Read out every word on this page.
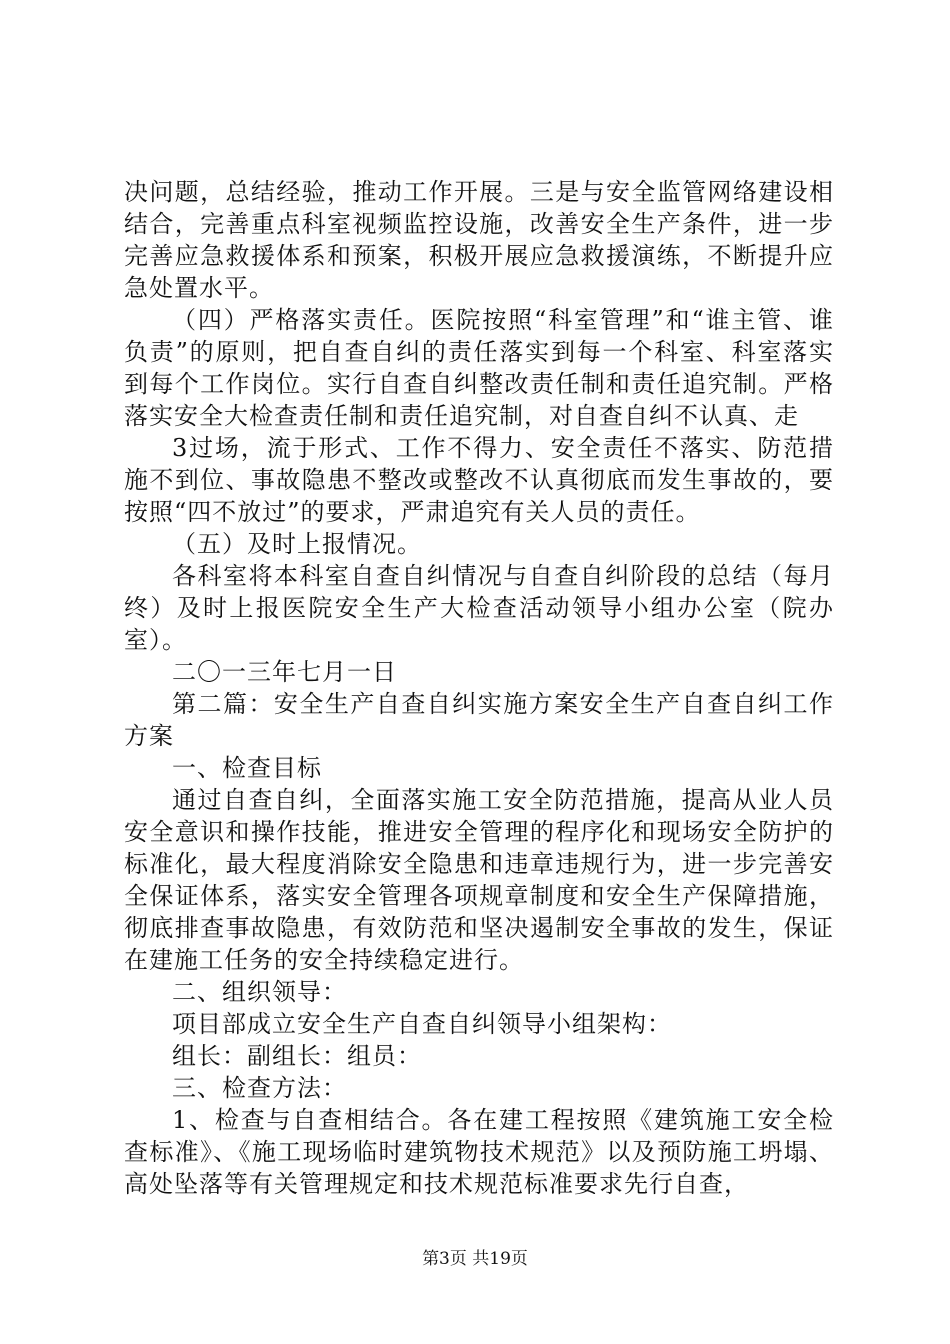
决问题，总结经验，推动工作开展。三是与安全监管网络建设相结合，完善重点科室视频监控设施，改善安全生产条件，进一步完善应急救援体系和预案，积极开展应急救援演练，不断提升应急处置水平。

（四）严格落实责任。医院按照“科室管理”和“谁主管、谁负责”的原则，把自查自纠的责任落实到每一个科室、科室落实到每个工作岗位。实行自查自纠整改责任制和责任追究制。严格落实安全大检查责任制和责任追究制，对自查自纠不认真、走

3过场，流于形式、工作不得力、安全责任不落实、防范措施不到位、事故隐患不整改或整改不认真彻底而发生事故的，要按照“四不放过”的要求，严肃追究有关人员的责任。

（五）及时上报情况。

各科室将本科室自查自纠情况与自查自纠阶段的总结（每月终）及时上报医院安全生产大检查活动领导小组办公室（院办室）。

二〇一三年七月一日

第二篇：安全生产自查自纠实施方案安全生产自查自纠工作方案

一、检查目标

通过自查自纠，全面落实施工安全防范措施，提高从业人员安全意识和操作技能，推进安全管理的程序化和现场安全防护的标准化，最大程度消除安全隐患和违章违规行为，进一步完善安全保证体系，落实安全管理各项规章制度和安全生产保障措施，彻底排查事故隐患，有效防范和坚决遏制安全事故的发生，保证在建施工任务的安全持续稳定进行。

二、组织领导：

项目部成立安全生产自查自纠领导小组架构：

组长：副组长：组员：

三、检查方法：

1、检查与自查相结合。各在建工程按照《建筑施工安全检查标准》、《施工现场临时建筑物技术规范》以及预防施工坍塌、高处坠落等有关管理规定和技术规范标准要求先行自查，

第3页 共19页
